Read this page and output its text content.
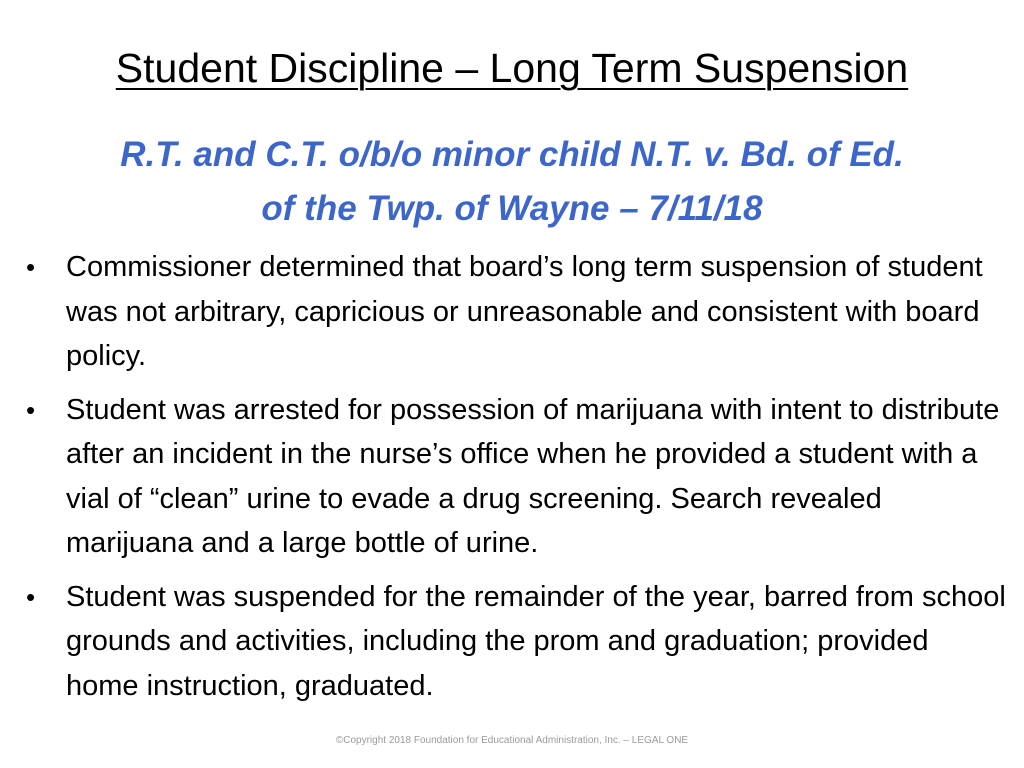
Student Discipline – Long Term Suspension
R.T. and C.T. o/b/o minor child N.T. v. Bd. of Ed.
of the Twp. of Wayne – 7/11/18
•	Commissioner determined that board’s long term suspension of student was not arbitrary, capricious or unreasonable and consistent with board policy.
•	Student was arrested for possession of marijuana with intent to distribute after an incident in the nurse’s office when he provided a student with a vial of “clean” urine to evade a drug screening. Search revealed marijuana and a large bottle of urine.
•	Student was suspended for the remainder of the year, barred from school grounds and activities, including the prom and graduation; provided home instruction, graduated.
©Copyright 2018 Foundation for Educational Administration, Inc. – LEGAL ONE
